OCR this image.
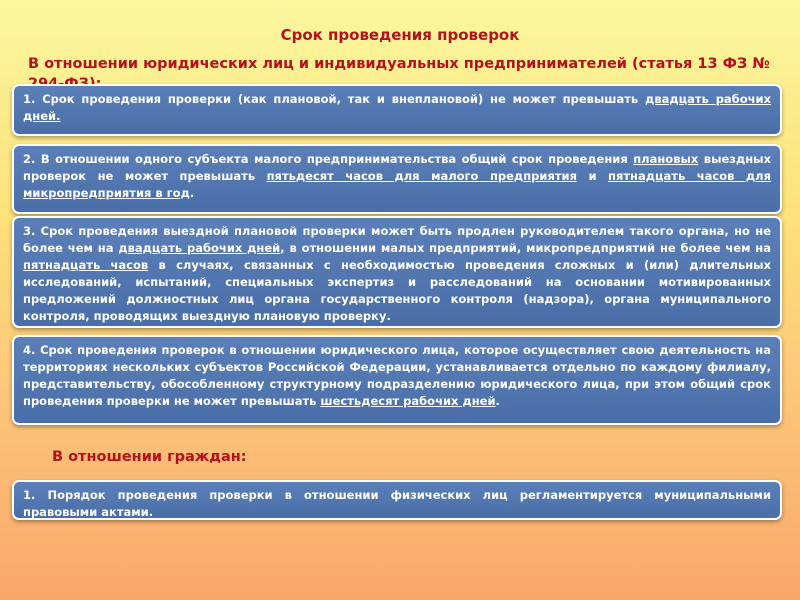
Срок проведения проверок
В отношении юридических лиц и индивидуальных предпринимателей (статья 13 ФЗ №
1. Срок проведения проверки (как плановой, так и внеплановой) не может превышать двадцать рабочих дней.
2. В отношении одного субъекта малого предпринимательства общий срок проведения плановых выездных проверок не может превышать пятьдесят часов для малого предприятия и пятнадцать часов для микропредприятия в год.
3. Срок проведения выездной плановой проверки может быть продлен руководителем такого органа, но не более чем на двадцать рабочих дней, в отношении малых предприятий, микропредприятий не более чем на пятнадцать часов в случаях, связанных с необходимостью проведения сложных и (или) длительных исследований, испытаний, специальных экспертиз и расследований на основании мотивированных предложений должностных лиц органа государственного контроля (надзора), органа муниципального контроля, проводящих выездную плановую проверку.
4. Срок проведения проверок в отношении юридического лица, которое осуществляет свою деятельность на территориях нескольких субъектов Российской Федерации, устанавливается отдельно по каждому филиалу, представительству, обособленному структурному подразделению юридического лица, при этом общий срок проведения проверки не может превышать шестьдесят рабочих дней.
В отношении граждан:
1. Порядок проведения проверки в отношении физических лиц регламентируется муниципальными правовыми актами.
